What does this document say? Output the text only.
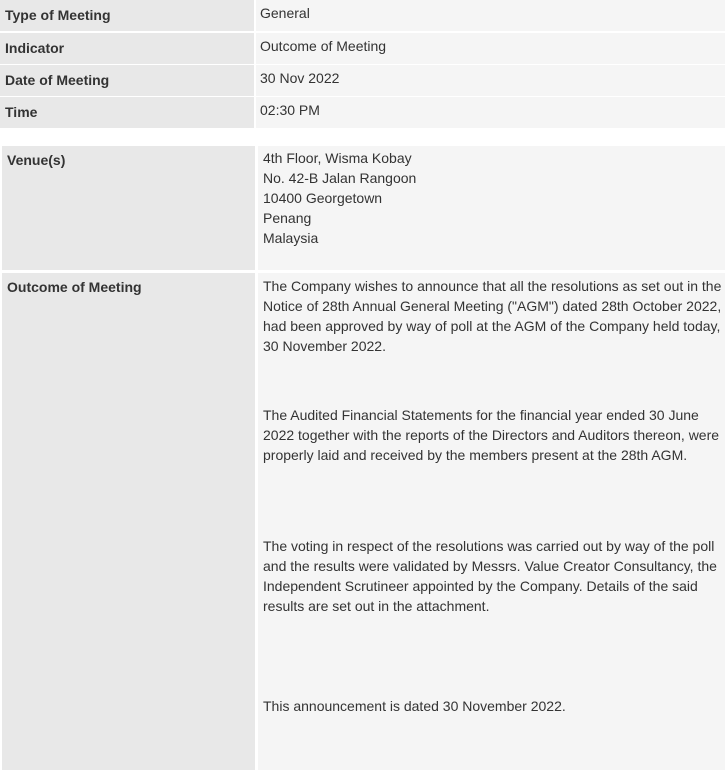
Type of Meeting	General
Indicator	Outcome of Meeting
Date of Meeting	30 Nov 2022
Time	02:30 PM
Venue(s)	4th Floor, Wisma Kobay
No. 42-B Jalan Rangoon
10400 Georgetown
Penang
Malaysia
Outcome of Meeting	The Company wishes to announce that all the resolutions as set out in the Notice of 28th Annual General Meeting ("AGM") dated 28th October 2022, had been approved by way of poll at the AGM of the Company held today, 30 November 2022.
The Audited Financial Statements for the financial year ended 30 June 2022 together with the reports of the Directors and Auditors thereon, were properly laid and received by the members present at the 28th AGM.
The voting in respect of the resolutions was carried out by way of the poll and the results were validated by Messrs. Value Creator Consultancy, the Independent Scrutineer appointed by the Company. Details of the said results are set out in the attachment.
This announcement is dated 30 November 2022.
